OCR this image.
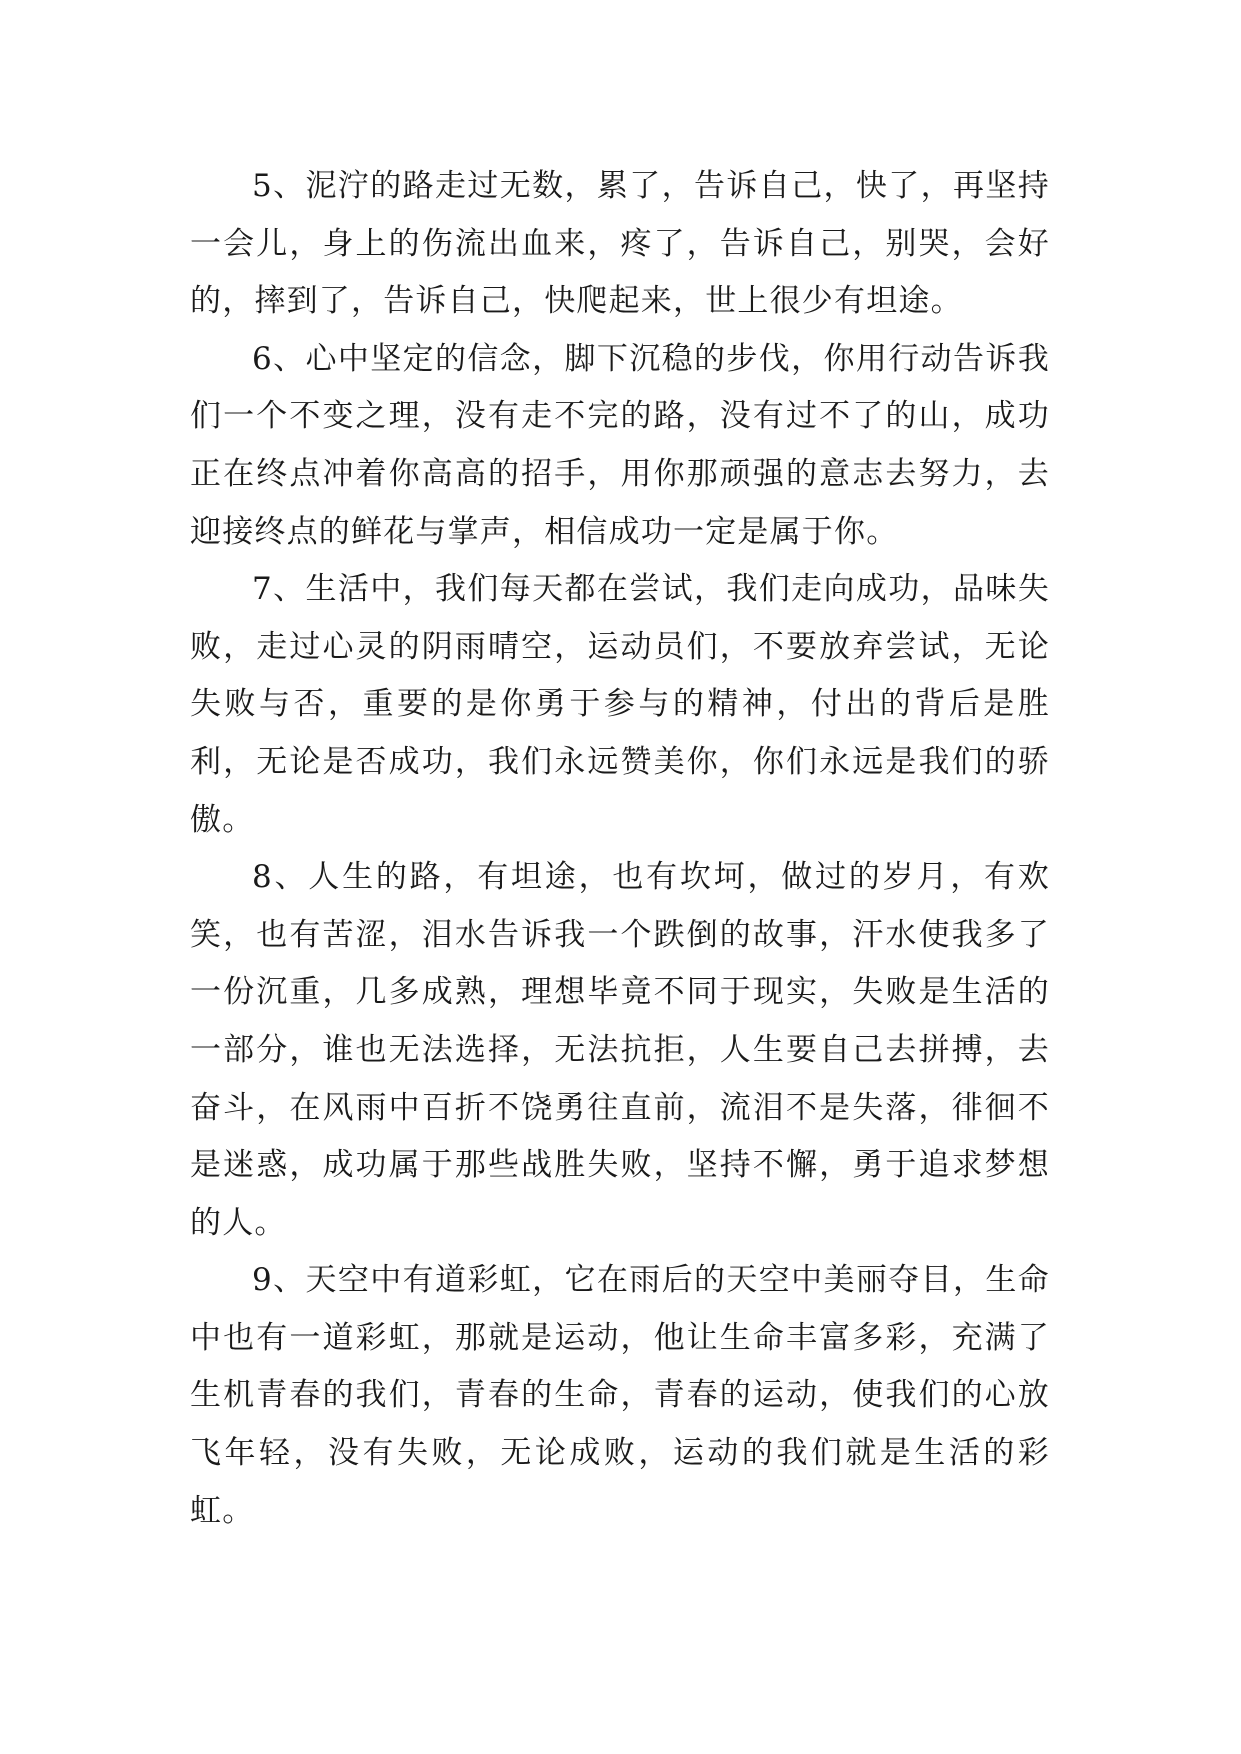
5、泥泞的路走过无数，累了，告诉自己，快了，再坚持一会儿，身上的伤流出血来，疼了，告诉自己，别哭，会好的，摔到了，告诉自己，快爬起来，世上很少有坦途。

6、心中坚定的信念，脚下沉稳的步伐，你用行动告诉我们一个不变之理，没有走不完的路，没有过不了的山，成功正在终点冲着你高高的招手，用你那顽强的意志去努力，去迎接终点的鲜花与掌声，相信成功一定是属于你。

7、生活中，我们每天都在尝试，我们走向成功，品味失败，走过心灵的阴雨晴空，运动员们，不要放弃尝试，无论失败与否，重要的是你勇于参与的精神，付出的背后是胜利，无论是否成功，我们永远赞美你，你们永远是我们的骄傲。

8、人生的路，有坦途，也有坎坷，做过的岁月，有欢笑，也有苦涩，泪水告诉我一个跌倒的故事，汗水使我多了一份沉重，几多成熟，理想毕竟不同于现实，失败是生活的一部分，谁也无法选择，无法抗拒，人生要自己去拼搏，去奋斗，在风雨中百折不饶勇往直前，流泪不是失落，徘徊不是迷惑，成功属于那些战胜失败，坚持不懈，勇于追求梦想的人。

9、天空中有道彩虹，它在雨后的天空中美丽夺目，生命中也有一道彩虹，那就是运动，他让生命丰富多彩，充满了生机青春的我们，青春的生命，青春的运动，使我们的心放飞年轻，没有失败，无论成败，运动的我们就是生活的彩虹。
